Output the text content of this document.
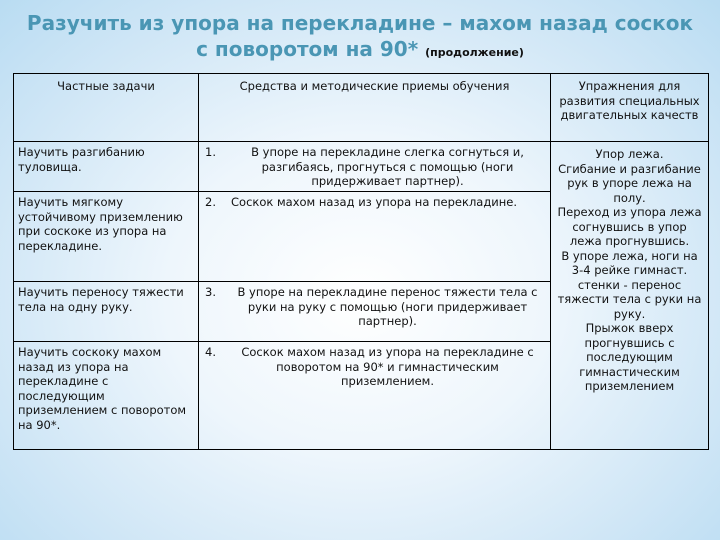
Разучить из упора на перекладине – махом назад соскок
с поворотом на 90* (продолжение)
Частные задачи	Средства и методические приемы обучения	Упражнения для развития специальных двигательных качеств
Научить разгибанию туловища.	1. В упоре на перекладине слегка согнуться и, разгибаясь, прогнуться с помощью (ноги придерживает партнер).	Упор лежа.
Сгибание и разгибание рук в упоре лежа на полу.
Переход из упора лежа согнувшись в упор лежа прогнувшись.
В упоре лежа, ноги на 3-4 рейке гимнаст. стенки - перенос тяжести тела с руки на руку.
Прыжок вверх прогнувшись с последующим гимнастическим приземлением

Научить мягкому устойчивому приземлению при соскоке из упора на перекладине.	2. Соскок махом назад из упора на перекладине.	

Научить переносу тяжести тела на одну руку.	3. В упоре на перекладине перенос тяжести тела с руки на руку с помощью (ноги придерживает партнер).	

Научить соскоку махом назад из упора на перекладине с последующим приземлением с поворотом на 90*.	4. Соскок махом назад из упора на перекладине с поворотом на 90* и гимнастическим приземлением.	
